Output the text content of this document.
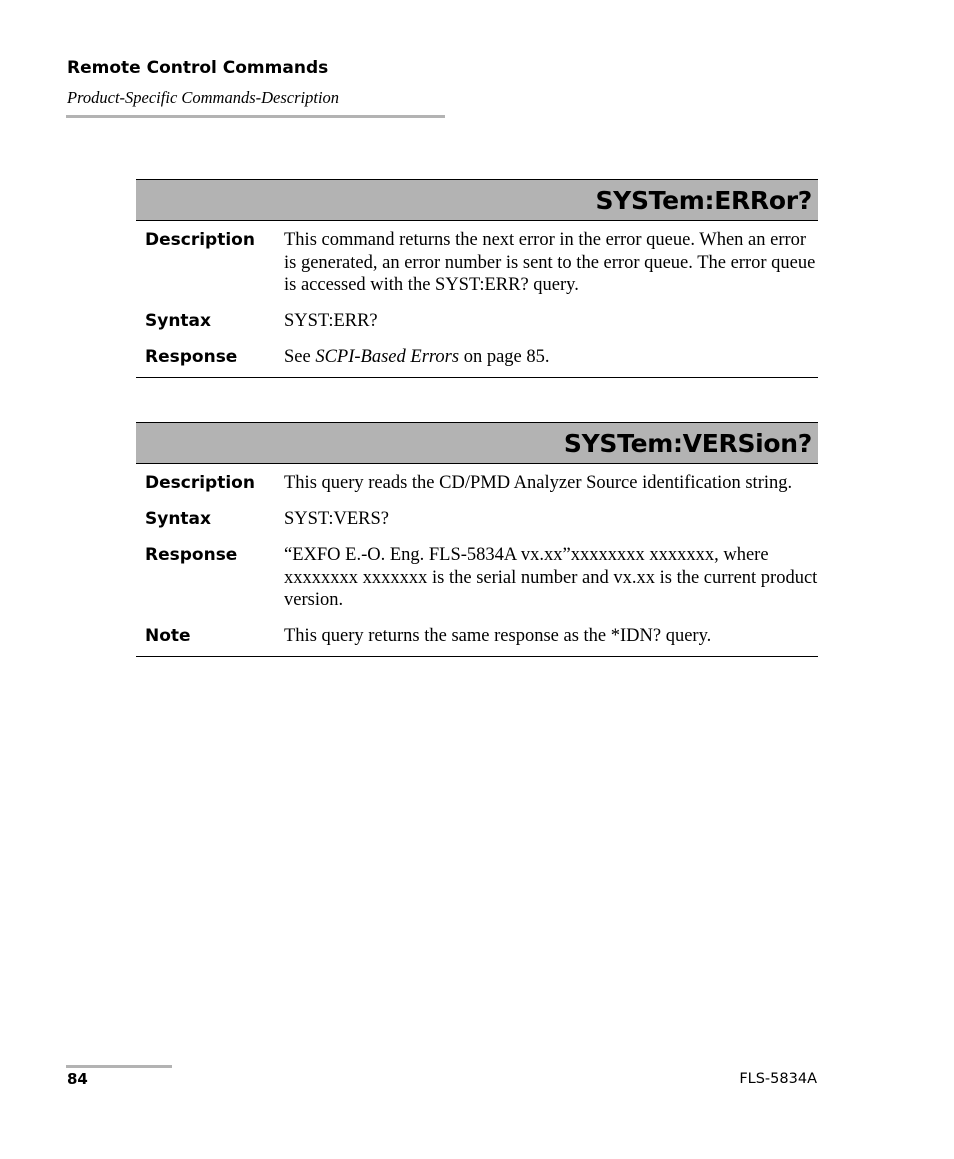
Remote Control Commands
Product-Specific Commands-Description
SYSTem:ERRor?
Description	This command returns the next error in the error queue. When an error is generated, an error number is sent to the error queue. The error queue is accessed with the SYST:ERR? query.
Syntax	SYST:ERR?
Response	See SCPI-Based Errors on page 85.
SYSTem:VERSion?
Description	This query reads the CD/PMD Analyzer Source identification string.
Syntax	SYST:VERS?
Response	“EXFO E.-O. Eng. FLS-5834A vx.xx”xxxxxxxx xxxxxxx, where xxxxxxxx xxxxxxx is the serial number and vx.xx is the current product version.
Note	This query returns the same response as the *IDN? query.
84	FLS-5834A
